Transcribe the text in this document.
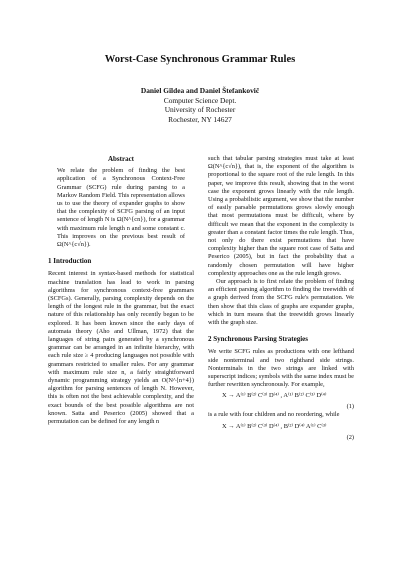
Worst-Case Synchronous Grammar Rules
Daniel Gildea and Daniel Štefankovič
Computer Science Dept.
University of Rochester
Rochester, NY 14627
Abstract

We relate the problem of finding the best application of a Synchronous Context-Free Grammar (SCFG) rule during parsing to a Markov Random Field. This representation allows us to use the theory of expander graphs to show that the complexity of SCFG parsing of an input sentence of length N is Ω(N^{cn}), for a grammar with maximum rule length n and some constant c. This improves on the previous best result of Ω(N^{c√n}).

1 Introduction

Recent interest in syntax-based methods for statistical machine translation has lead to work in parsing algorithms for synchronous context-free grammars (SCFGs). Generally, parsing complexity depends on the length of the longest rule in the grammar, but the exact nature of this relationship has only recently begun to be explored. It has been known since the early days of automata theory (Aho and Ullman, 1972) that the languages of string pairs generated by a synchronous grammar can be arranged in an infinite hierarchy, with each rule size ≥ 4 producing languages not possible with grammars restricted to smaller rules. For any grammar with maximum rule size n, a fairly straightforward dynamic programming strategy yields an O(N^{n+4}) algorithm for parsing sentences of length N. However, this is often not the best achievable complexity, and the exact bounds of the best possible algorithms are not known. Satta and Peserico (2005) showed that a permutation can be defined for any length n

such that tabular parsing strategies must take at least Ω(N^{c√n}), that is, the exponent of the algorithm is proportional to the square root of the rule length. In this paper, we improve this result, showing that in the worst case the exponent grows linearly with the rule length. Using a probabilistic argument, we show that the number of easily parsable permutations grows slowly enough that most permutations must be difficult, where by difficult we mean that the exponent in the complexity is greater than a constant factor times the rule length. Thus, not only do there exist permutations that have complexity higher than the square root case of Satta and Peserico (2005), but in fact the probability that a randomly chosen permutation will have higher complexity approaches one as the rule length grows.

Our approach is to first relate the problem of finding an efficient parsing algorithm to finding the treewidth of a graph derived from the SCFG rule's permutation. We then show that this class of graphs are expander graphs, which in turn means that the treewidth grows linearly with the graph size.

2 Synchronous Parsing Strategies

We write SCFG rules as productions with one lefthand side nonterminal and two righthand side strings. Nonterminals in the two strings are linked with superscript indices; symbols with the same index must be further rewritten synchronously. For example,

X → A⁽¹⁾ B⁽²⁾ C⁽³⁾ D⁽⁴⁾ , A⁽¹⁾ B⁽²⁾ C⁽³⁾ D⁽⁴⁾
(1)

is a rule with four children and no reordering, while

X → A⁽¹⁾ B⁽²⁾ C⁽³⁾ D⁽⁴⁾ , B⁽²⁾ D⁽⁴⁾ A⁽¹⁾ C⁽³⁾
(2)
